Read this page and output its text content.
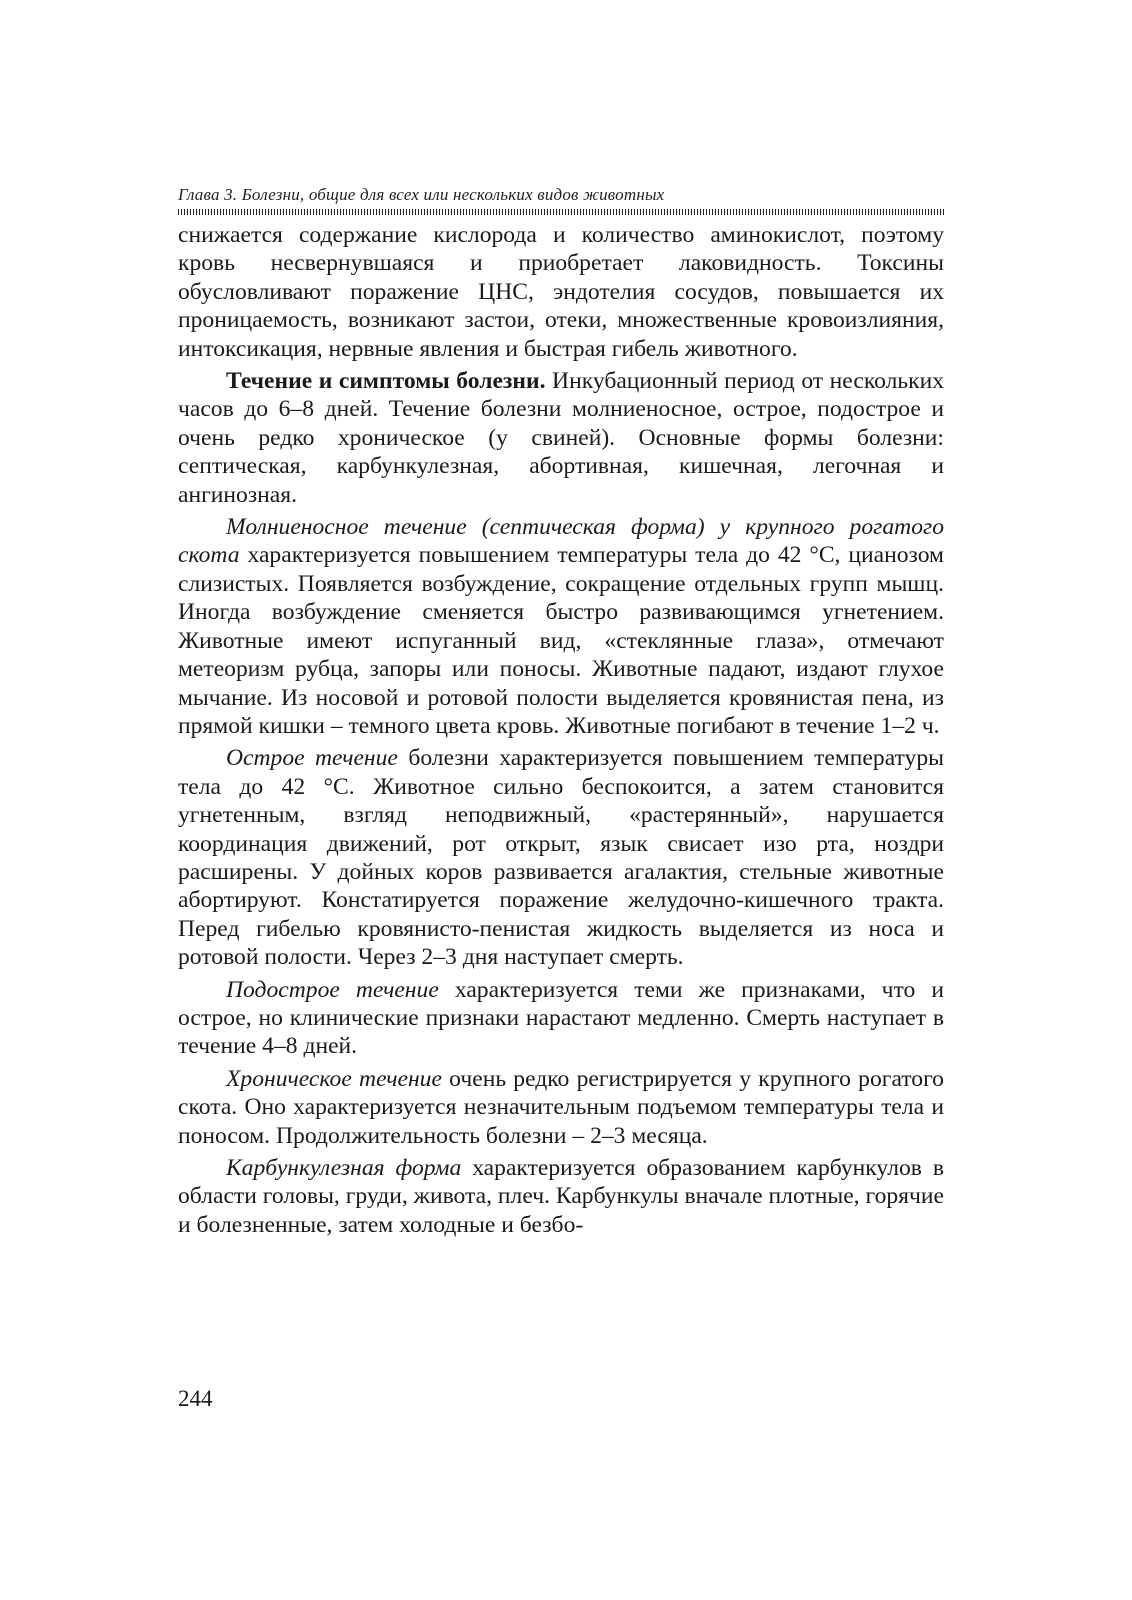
Глава 3. Болезни, общие для всех или нескольких видов животных

снижается содержание кислорода и количество аминокислот, поэтому кровь несвернувшаяся и приобретает лаковидность. Токсины обусловливают поражение ЦНС, эндотелия сосудов, повышается их проницаемость, возникают застои, отеки, множественные кровоизлияния, интоксикация, нервные явления и быстрая гибель животного.

Течение и симптомы болезни. Инкубационный период от нескольких часов до 6–8 дней. Течение болезни молниеносное, острое, подострое и очень редко хроническое (у свиней). Основные формы болезни: септическая, карбункулезная, абортивная, кишечная, легочная и ангинозная.

Молниеносное течение (септическая форма) у крупного рогатого скота характеризуется повышением температуры тела до 42 °С, цианозом слизистых. Появляется возбуждение, сокращение отдельных групп мышц. Иногда возбуждение сменяется быстро развивающимся угнетением. Животные имеют испуганный вид, «стеклянные глаза», отмечают метеоризм рубца, запоры или поносы. Животные падают, издают глухое мычание. Из носовой и ротовой полости выделяется кровянистая пена, из прямой кишки – темного цвета кровь. Животные погибают в течение 1–2 ч.

Острое течение болезни характеризуется повышением температуры тела до 42 °С. Животное сильно беспокоится, а затем становится угнетенным, взгляд неподвижный, «растерянный», нарушается координация движений, рот открыт, язык свисает изо рта, ноздри расширены. У дойных коров развивается агалактия, стельные животные абортируют. Констатируется поражение желудочно-кишечного тракта. Перед гибелью кровянисто-пенистая жидкость выделяется из носа и ротовой полости. Через 2–3 дня наступает смерть.

Подострое течение характеризуется теми же признаками, что и острое, но клинические признаки нарастают медленно. Смерть наступает в течение 4–8 дней.

Хроническое течение очень редко регистрируется у крупного рогатого скота. Оно характеризуется незначительным подъемом температуры тела и поносом. Продолжительность болезни – 2–3 месяца.

Карбункулезная форма характеризуется образованием карбункулов в области головы, груди, живота, плеч. Карбункулы вначале плотные, горячие и болезненные, затем холодные и безбо-

244
